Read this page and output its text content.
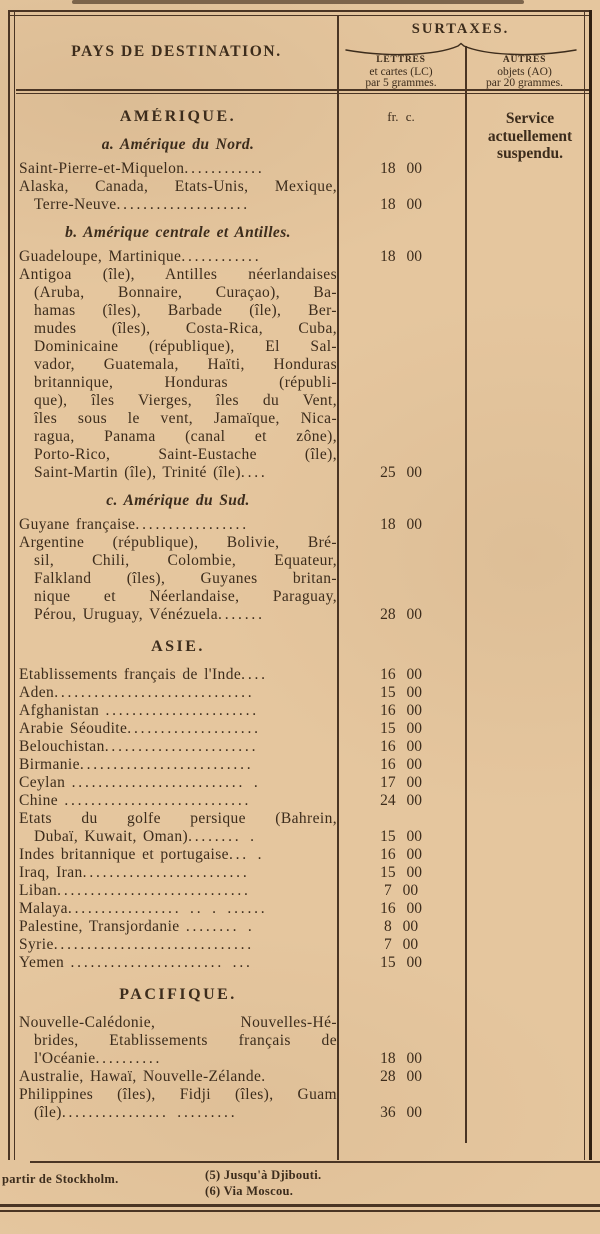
PAYS DE DESTINATION.
SURTAXES.
LETTRES
et cartes (LC)
par 5 grammes.
AUTRES
objets (AO)
par 20 grammes.
Service
actuellement
suspendu.
AMÉRIQUE.	fr. c.
a. Amérique du Nord.
Saint-Pierre-et-Miquelon............	18 00
Alaska, Canada, Etats-Unis, Mexique,
Terre-Neuve....................	18 00
b. Amérique centrale et Antilles.
Guadeloupe, Martinique............	18 00
Antigoa (île), Antilles néerlandaises
(Aruba, Bonnaire, Curaçao), Ba-
hamas (îles), Barbade (île), Ber-
mudes (îles), Costa-Rica, Cuba,
Dominicaine (république), El Sal-
vador, Guatemala, Haïti, Honduras
britannique, Honduras (républi-
que), îles Vierges, îles du Vent,
îles sous le vent, Jamaïque, Nica-
ragua, Panama (canal et zône),
Porto-Rico, Saint-Eustache (île),
Saint-Martin (île), Trinité (île)....	25 00
c. Amérique du Sud.
Guyane française.................	18 00
Argentine (république), Bolivie, Bré-
sil, Chili, Colombie, Equateur,
Falkland (îles), Guyanes britan-
nique et Néerlandaise, Paraguay,
Pérou, Uruguay, Vénézuela.......	28 00
ASIE.
Etablissements français de l'Inde....	16 00
Aden..............................	15 00
Afghanistan .......................	16 00
Arabie Séoudite....................	15 00
Belouchistan.......................	16 00
Birmanie..........................	16 00
Ceylan .......................... .	17 00
Chine ............................	24 00
Etats du golfe persique (Bahrein,
Dubaï, Kuwait, Oman)........ .	15 00
Indes britannique et portugaise... .	16 00
Iraq, Iran.........................	15 00
Liban.............................	7 00
Malaya................. .. . ......	16 00
Palestine, Transjordanie ........ .	8 00
Syrie..............................	7 00
Yemen ....................... ...	15 00
PACIFIQUE.
Nouvelle-Calédonie, Nouvelles-Hé-
brides, Etablissements français de
l'Océanie..........	18 00
Australie, Hawaï, Nouvelle-Zélande.	28 00
Philippines (îles), Fidji (îles), Guam
(île)................ .........	36 00
partir de Stockholm.	(5) Jusqu'à Djibouti.
(6) Via Moscou.
